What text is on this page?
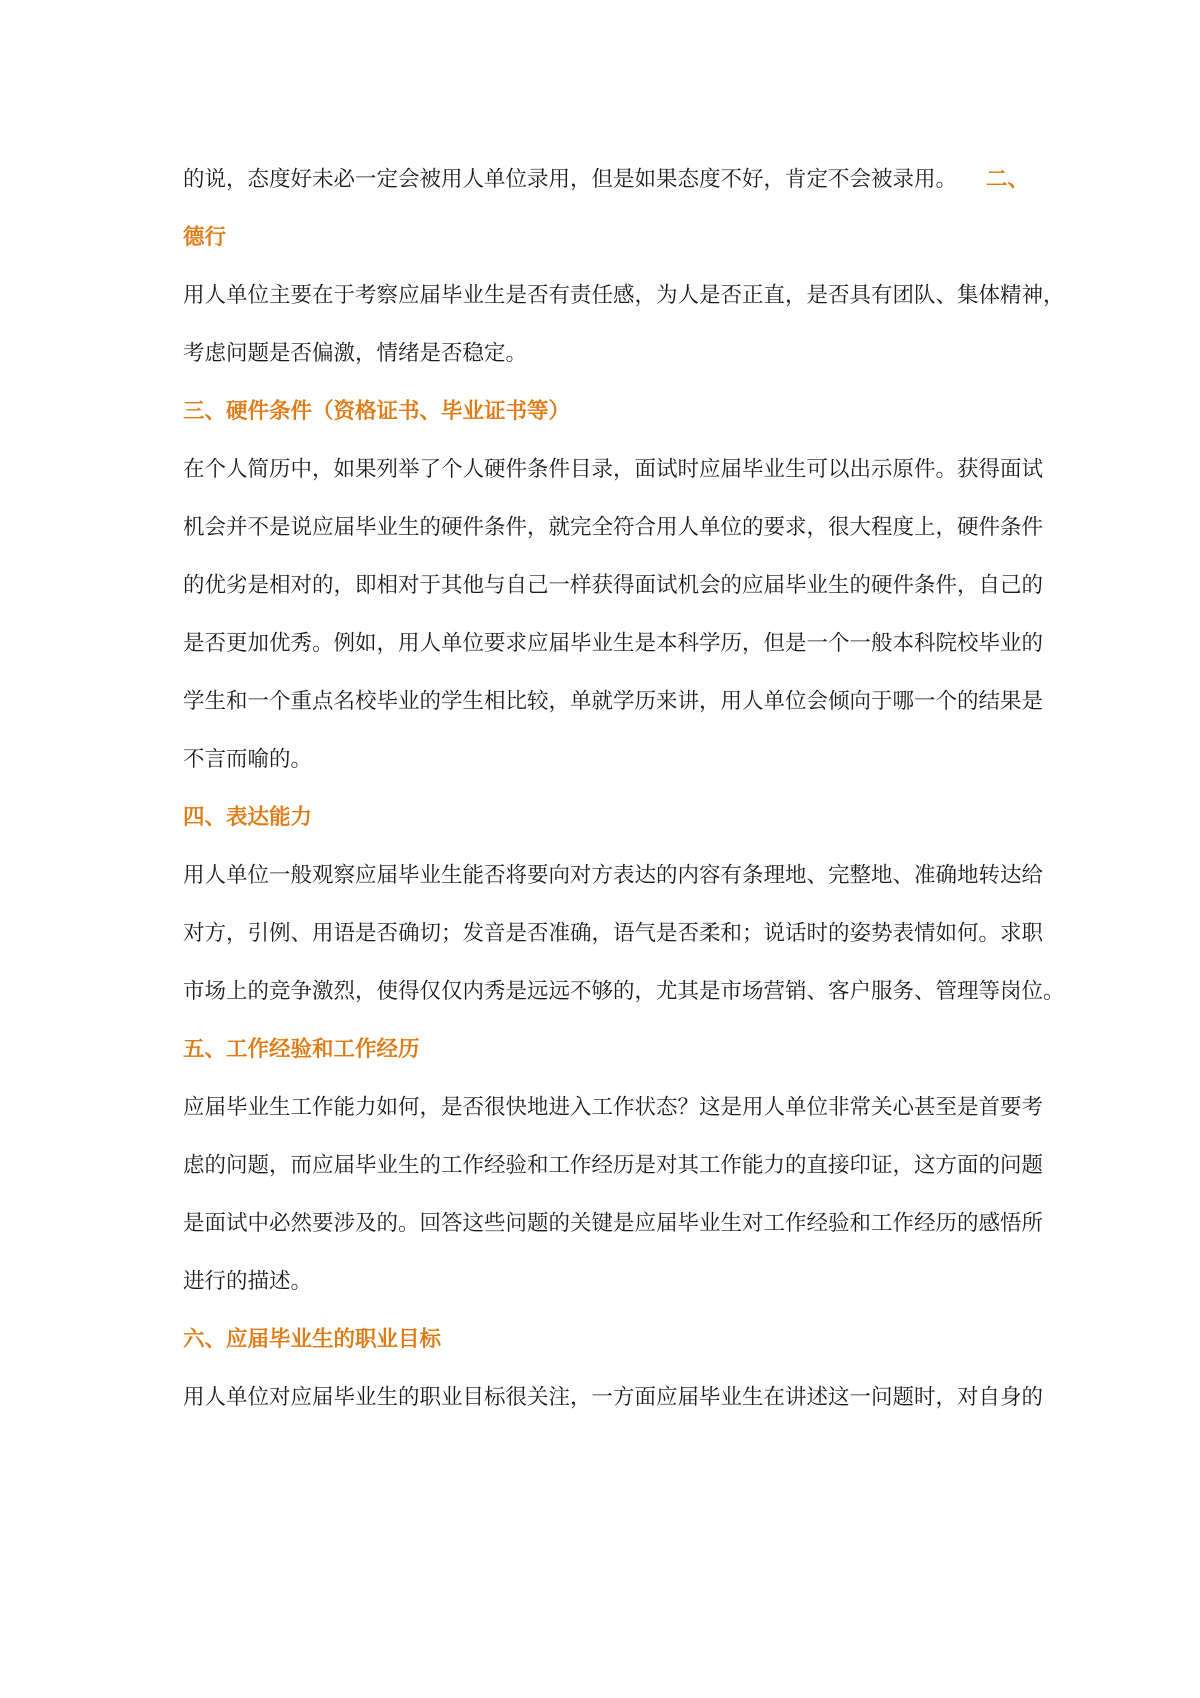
的说，态度好未必一定会被用人单位录用，但是如果态度不好，肯定不会被录用。 二、
德行
用人单位主要在于考察应届毕业生是否有责任感，为人是否正直，是否具有团队、集体精神，
考虑问题是否偏激，情绪是否稳定。
三、硬件条件（资格证书、毕业证书等）
在个人简历中，如果列举了个人硬件条件目录，面试时应届毕业生可以出示原件。获得面试
机会并不是说应届毕业生的硬件条件，就完全符合用人单位的要求，很大程度上，硬件条件
的优劣是相对的，即相对于其他与自己一样获得面试机会的应届毕业生的硬件条件，自己的
是否更加优秀。例如，用人单位要求应届毕业生是本科学历，但是一个一般本科院校毕业的
学生和一个重点名校毕业的学生相比较，单就学历来讲，用人单位会倾向于哪一个的结果是
不言而喻的。
四、表达能力
用人单位一般观察应届毕业生能否将要向对方表达的内容有条理地、完整地、准确地转达给
对方，引例、用语是否确切；发音是否准确，语气是否柔和；说话时的姿势表情如何。求职
市场上的竞争激烈，使得仅仅内秀是远远不够的，尤其是市场营销、客户服务、管理等岗位。
五、工作经验和工作经历
应届毕业生工作能力如何，是否很快地进入工作状态？这是用人单位非常关心甚至是首要考
虑的问题，而应届毕业生的工作经验和工作经历是对其工作能力的直接印证，这方面的问题
是面试中必然要涉及的。回答这些问题的关键是应届毕业生对工作经验和工作经历的感悟所
进行的描述。
六、应届毕业生的职业目标
用人单位对应届毕业生的职业目标很关注，一方面应届毕业生在讲述这一问题时，对自身的
